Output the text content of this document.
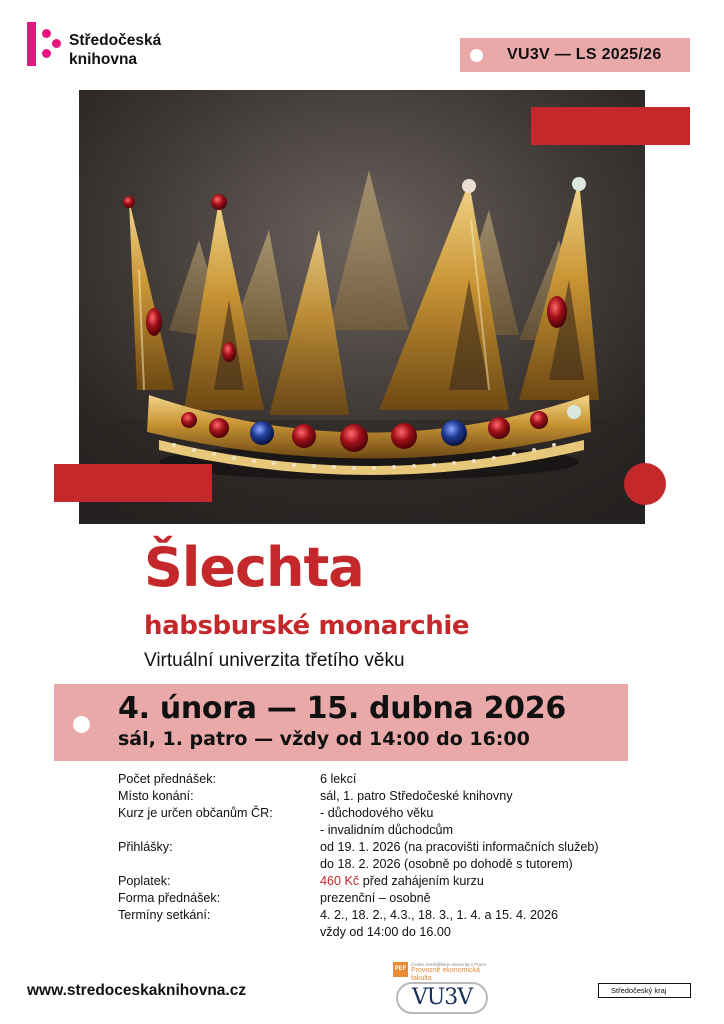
Středočeská
knihovna	VU3V — LS 2025/26
Šlechta
habsburské monarchie
Virtuální univerzita třetího věku
4. února — 15. dubna 2026
sál, 1. patro — vždy od 14:00 do 16:00
Počet přednášek:	6 lekcí
Místo konání:	sál, 1. patro Středočeské knihovny
Kurz je určen občanům ČR:	- důchodového věku
- invalidním důchodcům
Přihlášky:	od 19. 1. 2026 (na pracovišti informačních služeb)
do 18. 2. 2026 (osobně po dohodě s tutorem)
Poplatek:	460 Kč před zahájením kurzu
Forma přednášek:	prezenční – osobně
Termíny setkání:	4. 2., 18. 2., 4.3., 18. 3., 1. 4. a 15. 4. 2026
vždy od 14:00 do 16.00
www.stredoceskaknihovna.cz
PEF
Česká zemědělská univerzita v Praze
Provozně ekonomická
fakulta
VU3V	Středočeský kraj
